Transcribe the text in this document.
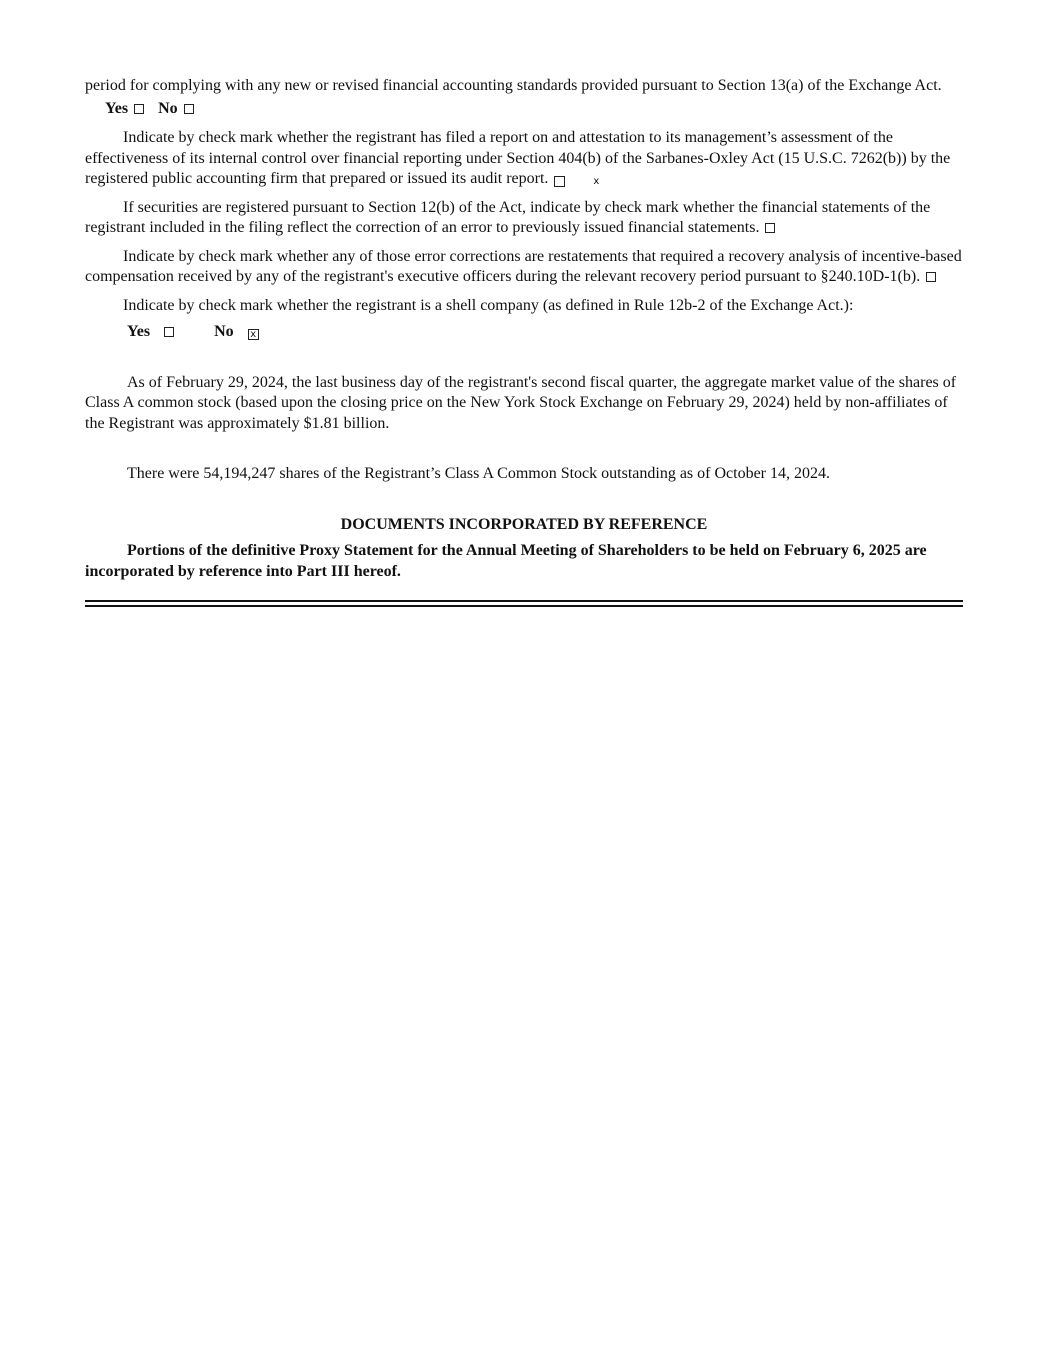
period for complying with any new or revised financial accounting standards provided pursuant to Section 13(a) of the Exchange Act. Yes No

Indicate by check mark whether the registrant has filed a report on and attestation to its management’s assessment of the effectiveness of its internal control over financial reporting under Section 404(b) of the Sarbanes-Oxley Act (15 U.S.C. 7262(b)) by the registered public accounting firm that prepared or issued its audit report.	x

If securities are registered pursuant to Section 12(b) of the Act, indicate by check mark whether the financial statements of the registrant included in the filing reflect the correction of an error to previously issued financial statements.

Indicate by check mark whether any of those error corrections are restatements that required a recovery analysis of incentive-based compensation received by any of the registrant's executive officers during the relevant recovery period pursuant to §240.10D-1(b).

Indicate by check mark whether the registrant is a shell company (as defined in Rule 12b-2 of the Exchange Act.):

Yes	No x

As of February 29, 2024, the last business day of the registrant's second fiscal quarter, the aggregate market value of the shares of Class A common stock (based upon the closing price on the New York Stock Exchange on February 29, 2024) held by non-affiliates of the Registrant was approximately $1.81 billion.

There were 54,194,247 shares of the Registrant’s Class A Common Stock outstanding as of October 14, 2024.

DOCUMENTS INCORPORATED BY REFERENCE

Portions of the definitive Proxy Statement for the Annual Meeting of Shareholders to be held on February 6, 2025 are incorporated by reference into Part III hereof.
